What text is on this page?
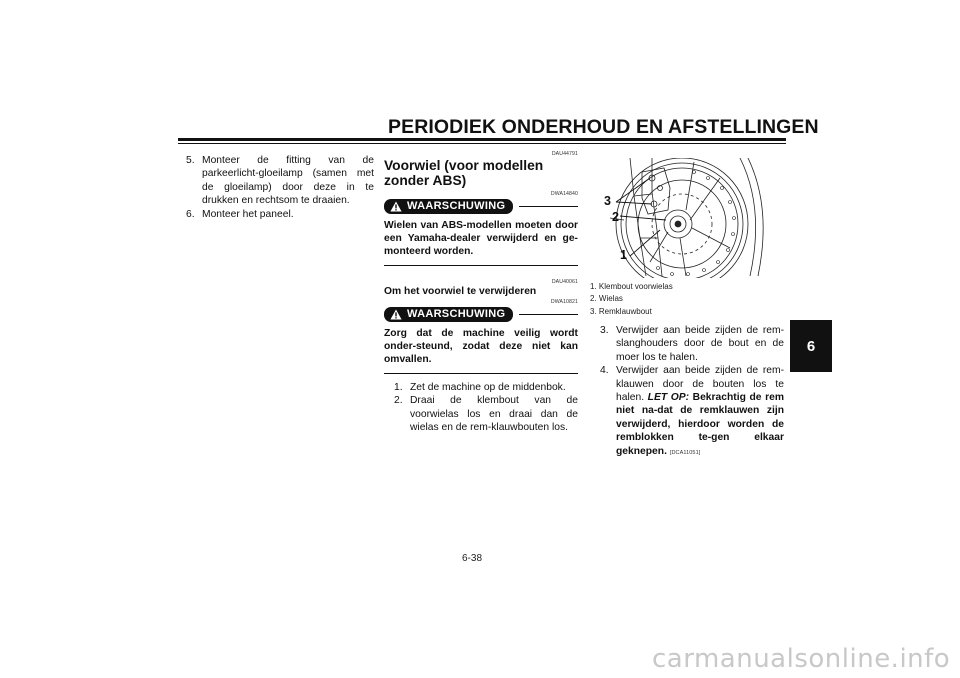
PERIODIEK ONDERHOUD EN AFSTELLINGEN
6
5. Monteer de fitting van de parkeerlicht-gloeilamp (samen met de gloeilamp) door deze in te drukken en rechtsom te draaien.
6. Monteer het paneel.
DAU44791
Voorwiel (voor modellen zonder ABS)
DWA14840
WAARSCHUWING
Wielen van ABS-modellen moeten door een Yamaha-dealer verwijderd en ge-monteerd worden.
DAU40061
Om het voorwiel te verwijderen
DWA10821
WAARSCHUWING
Zorg dat de machine veilig wordt onder-steund, zodat deze niet kan omvallen.
1. Zet de machine op de middenbok.
2. Draai de klembout van de voorwielas los en draai dan de wielas en de rem-klauwbouten los.
3
2
1
1. Klembout voorwielas
2. Wielas
3. Remklauwbout
3. Verwijder aan beide zijden de rem-slanghouders door de bout en de moer los te halen.
4. Verwijder aan beide zijden de rem-klauwen door de bouten los te halen. LET OP: Bekrachtig de rem niet na-dat de remklauwen zijn verwijderd, hierdoor worden de remblokken te-gen elkaar geknepen. [DCA11051]
6-38
carmanualsonline.info
